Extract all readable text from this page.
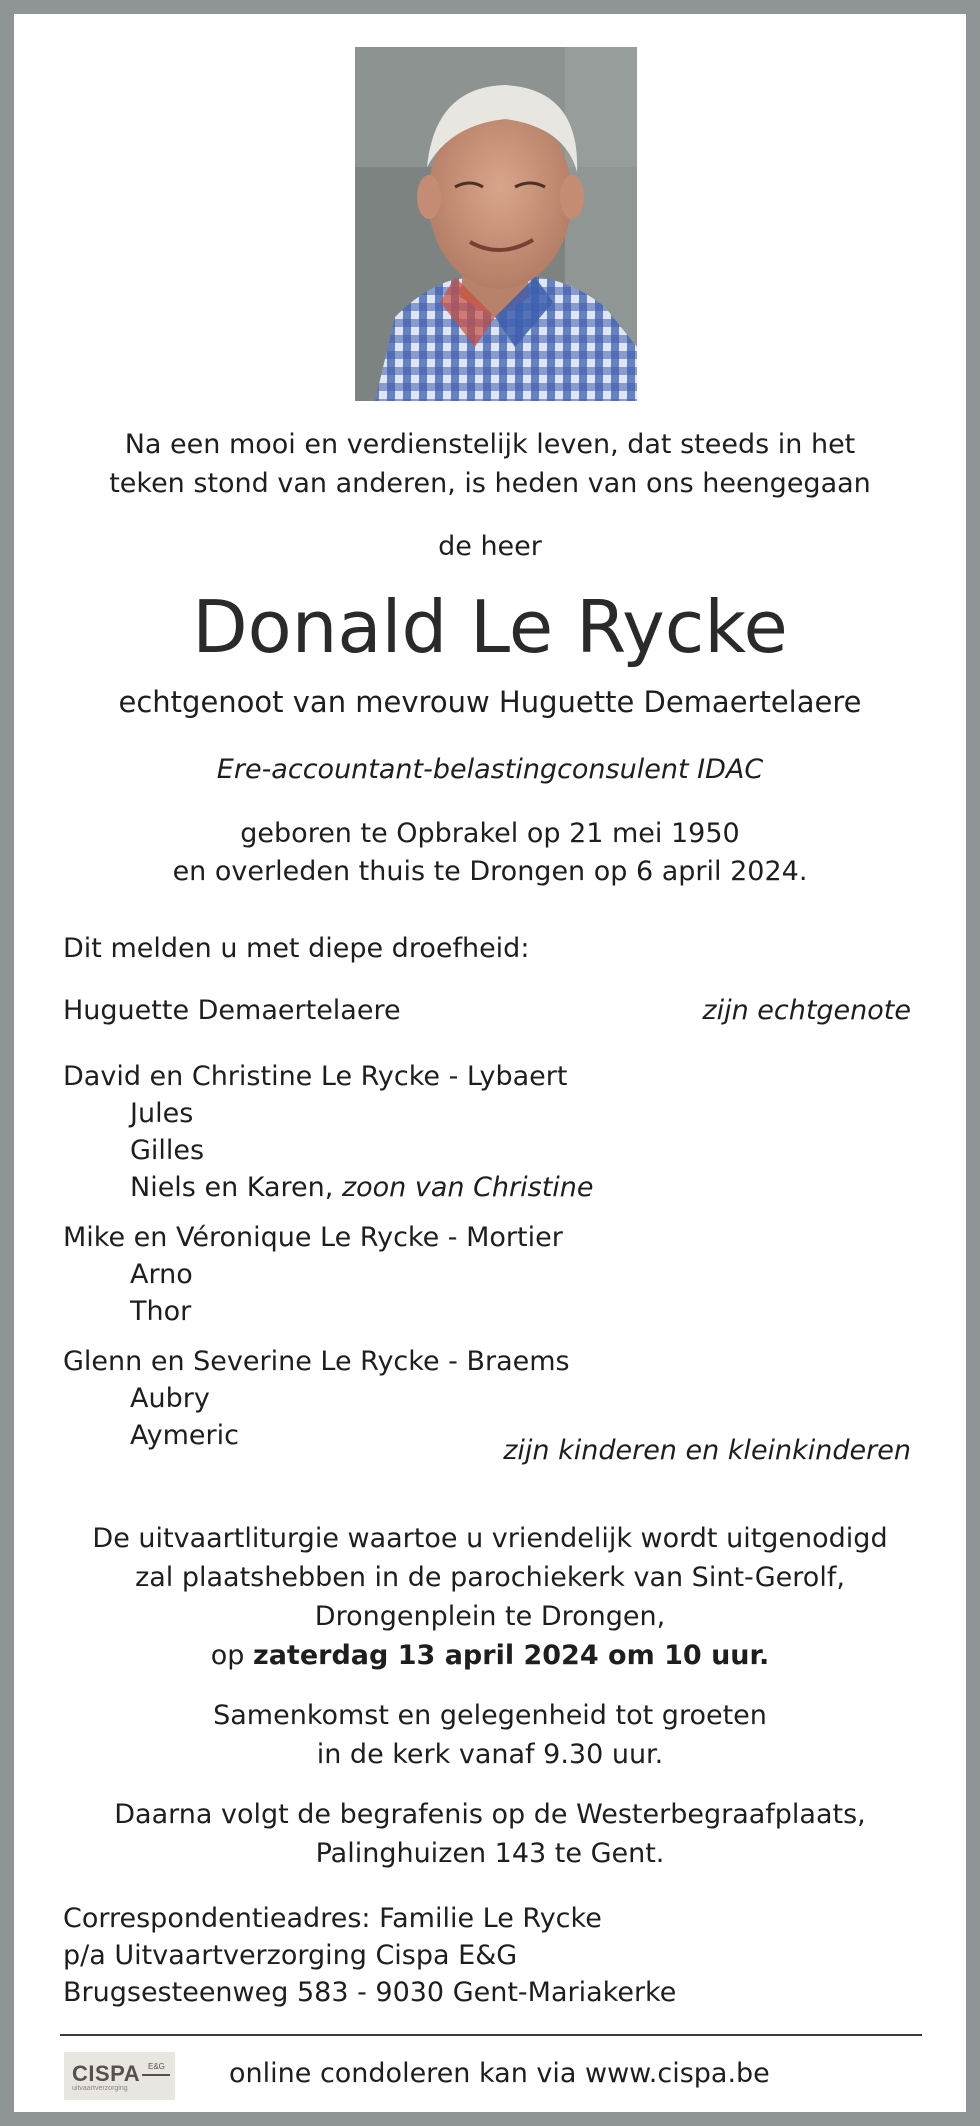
Na een mooi en verdienstelijk leven, dat steeds in het
teken stond van anderen, is heden van ons heengegaan
de heer
Donald Le Rycke
echtgenoot van mevrouw Huguette Demaertelaere
Ere-accountant-belastingconsulent IDAC
geboren te Opbrakel op 21 mei 1950
en overleden thuis te Drongen op 6 april 2024.
Dit melden u met diepe droefheid:
Huguette Demaertelaere	zijn echtgenote
David en Christine Le Rycke - Lybaert
Jules
Gilles
Niels en Karen, zoon van Christine
Mike en Véronique Le Rycke - Mortier
Arno
Thor
Glenn en Severine Le Rycke - Braems
Aubry
Aymeric	zijn kinderen en kleinkinderen
De uitvaartliturgie waartoe u vriendelijk wordt uitgenodigd
zal plaatshebben in de parochiekerk van Sint-Gerolf,
Drongenplein te Drongen,
op zaterdag 13 april 2024 om 10 uur.
Samenkomst en gelegenheid tot groeten
in de kerk vanaf 9.30 uur.
Daarna volgt de begrafenis op de Westerbegraafplaats,
Palinghuizen 143 te Gent.
Correspondentieadres: Familie Le Rycke
p/a Uitvaartverzorging Cispa E&G
Brugsesteenweg 583 - 9030 Gent-Mariakerke
CISPA E&G
uitvaartverzorging	online condoleren kan via www.cispa.be
